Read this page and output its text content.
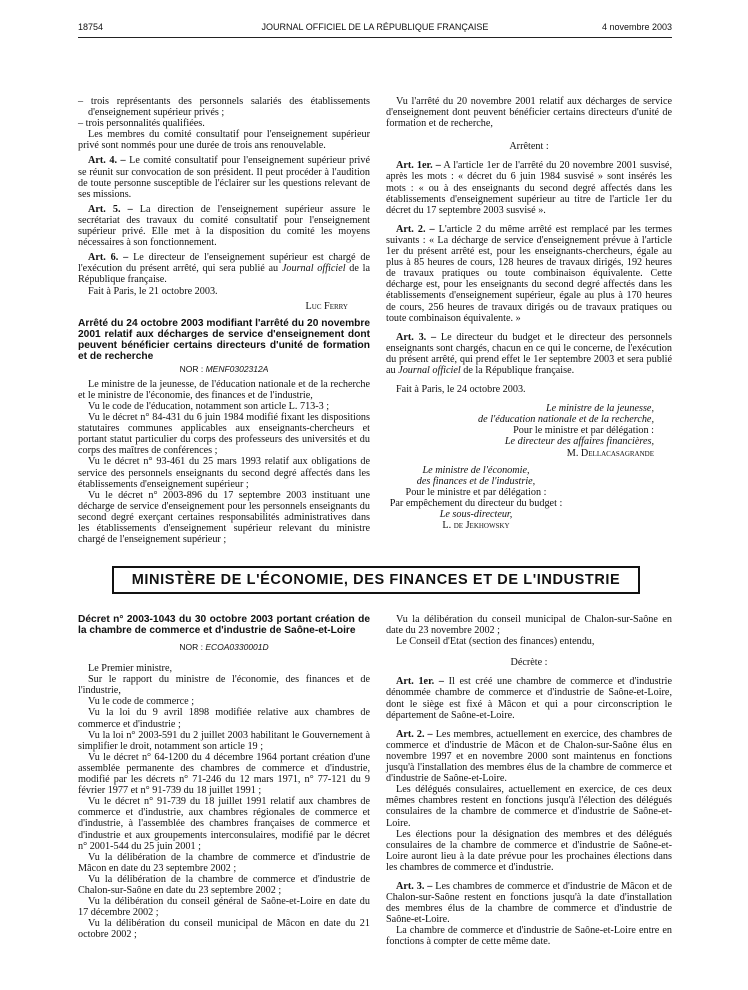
18754	JOURNAL OFFICIEL DE LA RÉPUBLIQUE FRANÇAISE	4 novembre 2003

– trois représentants des personnels salariés des établissements d'enseignement supérieur privés ;

– trois personnalités qualifiées.

Les membres du comité consultatif pour l'enseignement supérieur privé sont nommés pour une durée de trois ans renouvelable.

Art. 4. – Le comité consultatif pour l'enseignement supérieur privé se réunit sur convocation de son président. Il peut procéder à l'audition de toute personne susceptible de l'éclairer sur les questions relevant de ses missions.

Art. 5. – La direction de l'enseignement supérieur assure le secrétariat des travaux du comité consultatif pour l'enseignement supérieur privé. Elle met à la disposition du comité les moyens nécessaires à son fonctionnement.

Art. 6. – Le directeur de l'enseignement supérieur est chargé de l'exécution du présent arrêté, qui sera publié au Journal officiel de la République française.

Fait à Paris, le 21 octobre 2003.

Luc Ferry

Arrêté du 24 octobre 2003 modifiant l'arrêté du 20 novembre 2001 relatif aux décharges de service d'enseignement dont peuvent bénéficier certains directeurs d'unité de formation et de recherche
NOR : MENF0302312A

Le ministre de la jeunesse, de l'éducation nationale et de la recherche et le ministre de l'économie, des finances et de l'industrie,

Vu le code de l'éducation, notamment son article L. 713-3 ;

Vu le décret n° 84-431 du 6 juin 1984 modifié fixant les dispositions statutaires communes applicables aux enseignants-chercheurs et portant statut particulier du corps des professeurs des universités et du corps des maîtres de conférences ;

Vu le décret n° 93-461 du 25 mars 1993 relatif aux obligations de service des personnels enseignants du second degré affectés dans les établissements d'enseignement supérieur ;

Vu le décret n° 2003-896 du 17 septembre 2003 instituant une décharge de service d'enseignement pour les personnels enseignants du second degré exerçant certaines responsabilités administratives dans les établissements d'enseignement supérieur relevant du ministre chargé de l'enseignement supérieur ;

Vu l'arrêté du 20 novembre 2001 relatif aux décharges de service d'enseignement dont peuvent bénéficier certains directeurs d'unité de formation et de recherche,

Arrêtent :

Art. 1er. – A l'article 1er de l'arrêté du 20 novembre 2001 susvisé, après les mots : « décret du 6 juin 1984 susvisé » sont insérés les mots : « ou à des enseignants du second degré affectés dans les établissements d'enseignement supérieur au titre de l'article 1er du décret du 17 septembre 2003 susvisé ».

Art. 2. – L'article 2 du même arrêté est remplacé par les termes suivants : « La décharge de service d'enseignement prévue à l'article 1er du présent arrêté est, pour les enseignants-chercheurs, égale au plus à 85 heures de cours, 128 heures de travaux dirigés, 192 heures de travaux pratiques ou toute combinaison équivalente. Cette décharge est, pour les enseignants du second degré affectés dans les établissements d'enseignement supérieur, égale au plus à 170 heures de cours, 256 heures de travaux dirigés ou de travaux pratiques ou toute combinaison équivalente. »

Art. 3. – Le directeur du budget et le directeur des personnels enseignants sont chargés, chacun en ce qui le concerne, de l'exécution du présent arrêté, qui prend effet le 1er septembre 2003 et sera publié au Journal officiel de la République française.

Fait à Paris, le 24 octobre 2003.

Le ministre de la jeunesse,
de l'éducation nationale et de la recherche,
Pour le ministre et par délégation :
Le directeur des affaires financières,
M. Dellacasagrande
Le ministre de l'économie,
des finances et de l'industrie,
Pour le ministre et par délégation :
Par empêchement du directeur du budget :
Le sous-directeur,
L. de Jekhowsky
MINISTÈRE DE L'ÉCONOMIE, DES FINANCES ET DE L'INDUSTRIE
Décret n° 2003-1043 du 30 octobre 2003 portant création de la chambre de commerce et d'industrie de Saône-et-Loire
NOR : ECOA0330001D

Le Premier ministre,

Sur le rapport du ministre de l'économie, des finances et de l'industrie,

Vu le code de commerce ;

Vu la loi du 9 avril 1898 modifiée relative aux chambres de commerce et d'industrie ;

Vu la loi n° 2003-591 du 2 juillet 2003 habilitant le Gouvernement à simplifier le droit, notamment son article 19 ;

Vu le décret n° 64-1200 du 4 décembre 1964 portant création d'une assemblée permanente des chambres de commerce et d'industrie, modifié par les décrets n° 71-246 du 12 mars 1971, n° 77-121 du 9 février 1977 et n° 91-739 du 18 juillet 1991 ;

Vu le décret n° 91-739 du 18 juillet 1991 relatif aux chambres de commerce et d'industrie, aux chambres régionales de commerce et d'industrie, à l'assemblée des chambres françaises de commerce et d'industrie et aux groupements interconsulaires, modifié par le décret n° 2001-544 du 25 juin 2001 ;

Vu la délibération de la chambre de commerce et d'industrie de Mâcon en date du 23 septembre 2002 ;

Vu la délibération de la chambre de commerce et d'industrie de Chalon-sur-Saône en date du 23 septembre 2002 ;

Vu la délibération du conseil général de Saône-et-Loire en date du 17 décembre 2002 ;

Vu la délibération du conseil municipal de Mâcon en date du 21 octobre 2002 ;

Vu la délibération du conseil municipal de Chalon-sur-Saône en date du 23 novembre 2002 ;

Le Conseil d'Etat (section des finances) entendu,

Décrète :

Art. 1er. – Il est créé une chambre de commerce et d'industrie dénommée chambre de commerce et d'industrie de Saône-et-Loire, dont le siège est fixé à Mâcon et qui a pour circonscription le département de Saône-et-Loire.

Art. 2. – Les membres, actuellement en exercice, des chambres de commerce et d'industrie de Mâcon et de Chalon-sur-Saône élus en novembre 1997 et en novembre 2000 sont maintenus en fonctions jusqu'à l'installation des membres élus de la chambre de commerce et d'industrie de Saône-et-Loire.

Les délégués consulaires, actuellement en exercice, de ces deux mêmes chambres restent en fonctions jusqu'à l'élection des délégués consulaires de la chambre de commerce et d'industrie de Saône-et-Loire.

Les élections pour la désignation des membres et des délégués consulaires de la chambre de commerce et d'industrie de Saône-et-Loire auront lieu à la date prévue pour les prochaines élections dans les chambres de commerce et d'industrie.

Art. 3. – Les chambres de commerce et d'industrie de Mâcon et de Chalon-sur-Saône restent en fonctions jusqu'à la date d'installation des membres élus de la chambre de commerce et d'industrie de Saône-et-Loire.

La chambre de commerce et d'industrie de Saône-et-Loire entre en fonctions à compter de cette même date.
